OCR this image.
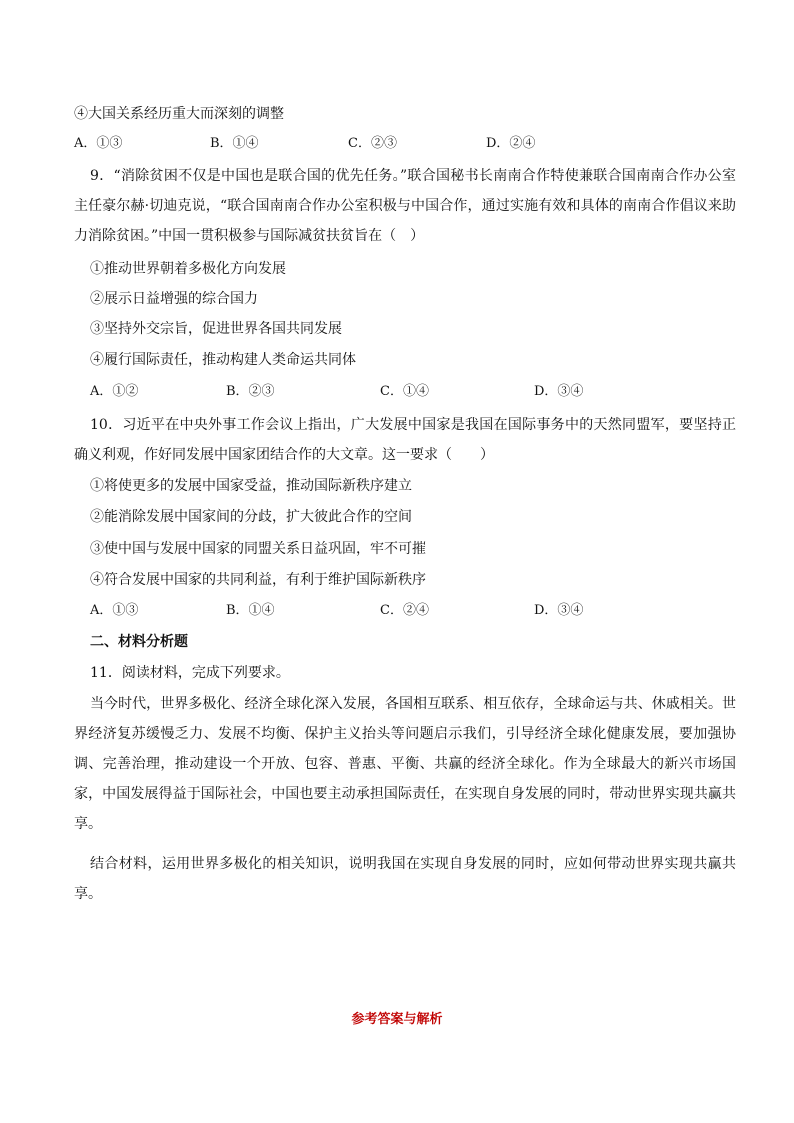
④大国关系经历重大而深刻的调整
A．①③	B．①④	C．②③	D．②④
9．“消除贫困不仅是中国也是联合国的优先任务。”联合国秘书长南南合作特使兼联合国南南合作办公室主任豪尔赫·切迪克说，“联合国南南合作办公室积极与中国合作，通过实施有效和具体的南南合作倡议来助力消除贫困。”中国一贯积极参与国际减贫扶贫旨在（　）
①推动世界朝着多极化方向发展
②展示日益增强的综合国力
③坚持外交宗旨，促进世界各国共同发展
④履行国际责任，推动构建人类命运共同体
A．①②	B．②③	C．①④	D．③④
10．习近平在中央外事工作会议上指出，广大发展中国家是我国在国际事务中的天然同盟军，要坚持正确义利观，作好同发展中国家团结合作的大文章。这一要求（　　）
①将使更多的发展中国家受益，推动国际新秩序建立
②能消除发展中国家间的分歧，扩大彼此合作的空间
③使中国与发展中国家的同盟关系日益巩固，牢不可摧
④符合发展中国家的共同利益，有利于维护国际新秩序
A．①③	B．①④	C．②④	D．③④
二、材料分析题
11．阅读材料，完成下列要求。
当今时代，世界多极化、经济全球化深入发展，各国相互联系、相互依存，全球命运与共、休戚相关。世界经济复苏缓慢乏力、发展不均衡、保护主义抬头等问题启示我们，引导经济全球化健康发展，要加强协调、完善治理，推动建设一个开放、包容、普惠、平衡、共赢的经济全球化。作为全球最大的新兴市场国家，中国发展得益于国际社会，中国也要主动承担国际责任，在实现自身发展的同时，带动世界实现共赢共享。
结合材料，运用世界多极化的相关知识，说明我国在实现自身发展的同时，应如何带动世界实现共赢共享。
参考答案与解析
